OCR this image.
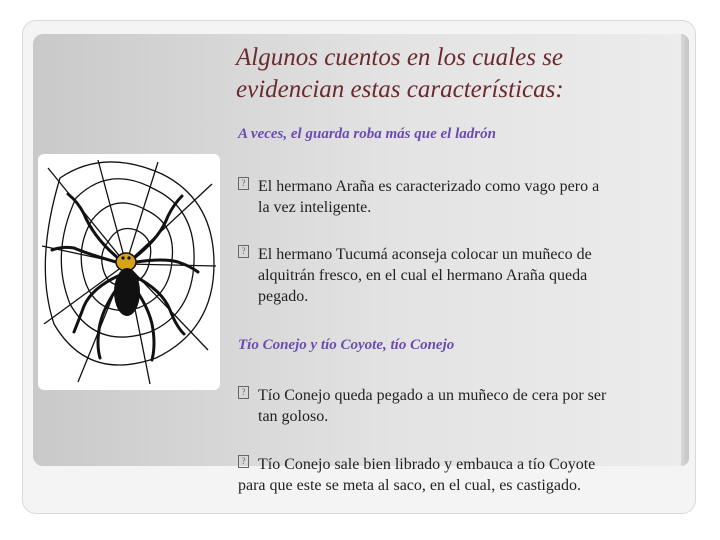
Algunos cuentos en los cuales se
evidencian estas características:
A veces, el guarda roba más que el ladrón
? El hermano Araña es caracterizado como vago pero a
la vez inteligente.
? El hermano Tucumá aconseja colocar un muñeco de
alquitrán fresco, en el cual el hermano Araña queda
pegado.
Tío Conejo y tío Coyote, tío Conejo
? Tío Conejo queda pegado a un muñeco de cera por ser
tan goloso.
? Tío Conejo sale bien librado y embauca a tío Coyote
para que este se meta al saco, en el cual, es castigado.
